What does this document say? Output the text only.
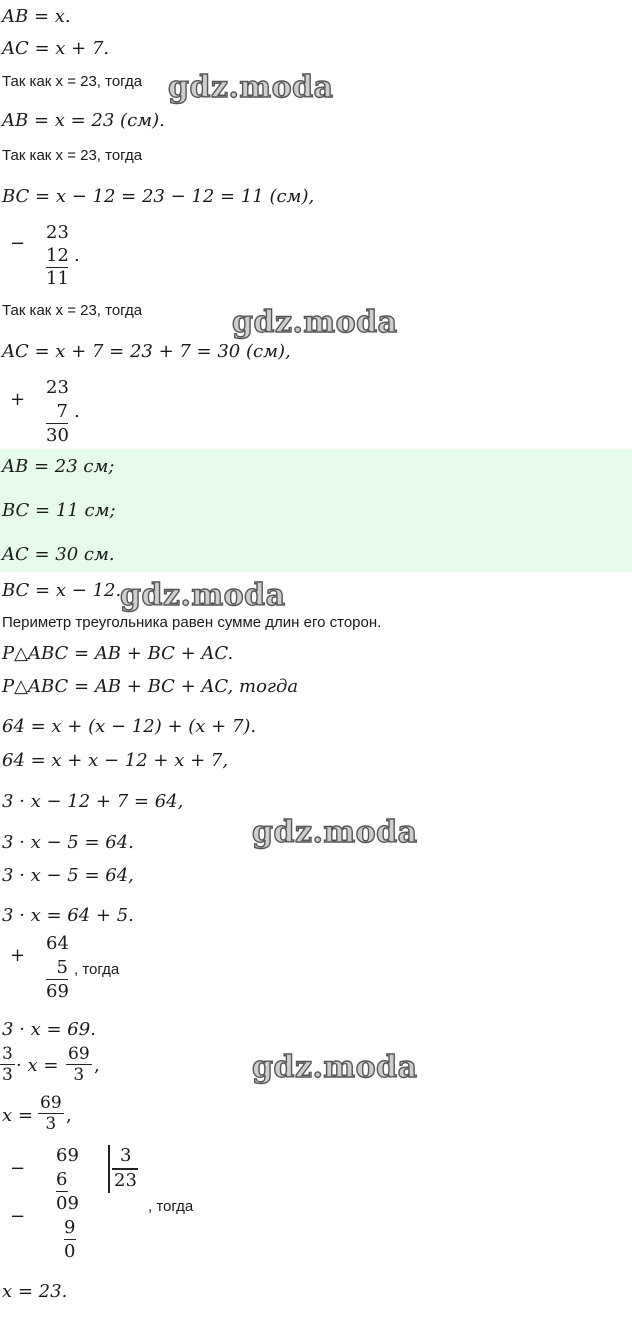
AB = x.
AC = x + 7.
Так как x = 23, тогда
AB = x = 23 (см).
Так как x = 23, тогда
BC = x − 12 = 23 − 12 = 11 (см),
−
23
12
11
.
Так как x = 23, тогда
AC = x + 7 = 23 + 7 = 30 (см),
+
23
7
30
.
AB = 23 см;
BC = 11 см;
AC = 30 см.
BC = x − 12.
Периметр треугольника равен сумме длин его сторон.
P△ABC = AB + BC + AC.
P△ABC = AB + BC + AC, тогда
64 = x + (x − 12) + (x + 7).
64 = x + x − 12 + x + 7,
3 · x − 12 + 7 = 64,
3 · x − 5 = 64.
3 · x − 5 = 64,
3 · x = 64 + 5.
+
64
5
69
, тогда
3 · x = 69.
$\frac{3}{3} \cdot x = \frac{69}{3}$ ,
$x = \frac{69}{3}$ ,
−
69
6
09
−
9
0
3
23
, тогда
x = 23.
gdz.moda
gdz.moda
gdz.moda
gdz.moda
gdz.moda
